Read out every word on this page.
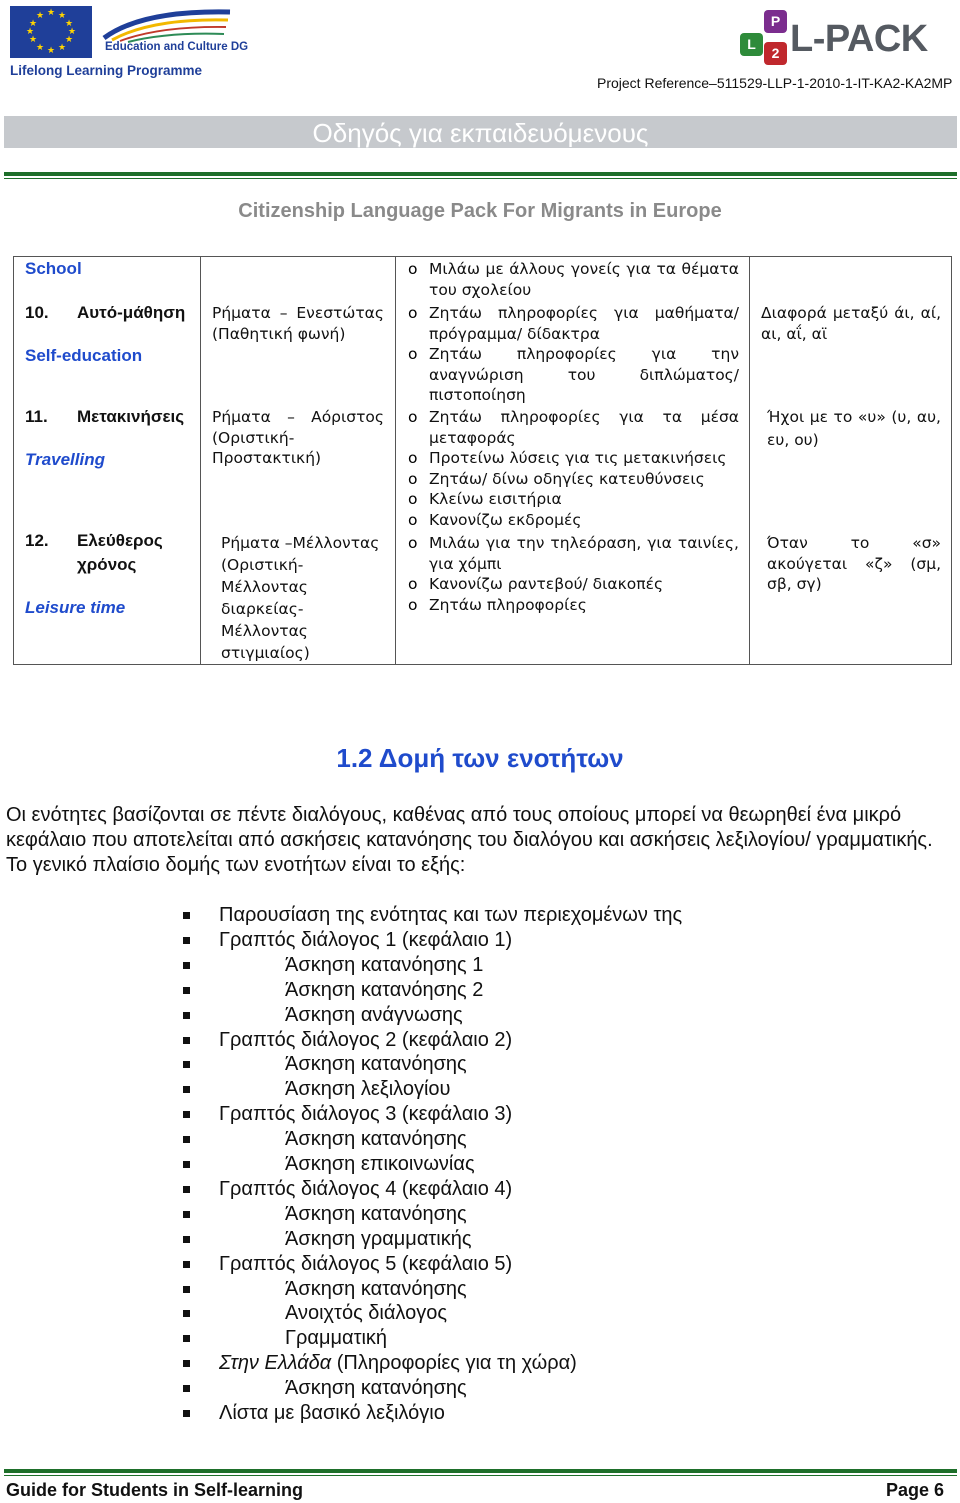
★ ★
★
★
★
★
★
★
★
★
★
★
Education and Culture DG
Lifelong Learning Programme
P
L
2 L-PACK
Project Reference–511529-LLP-1-2010-1-IT-KA2-KA2MP
Οδηγός για εκπαιδευόμενους
Citizenship Language Pack For Migrants in Europe
School
10. Αυτό-μάθηση
Self-education
11. Μετακινήσεις
Travelling
12. Ελεύθερος
χρόνος
Leisure time
Ρήματα – Ενεστώτας
(Παθητική φωνή)
Ρήματα – Αόριστος
(Οριστική-
Προστακτική)
Ρήματα –Μέλλοντας
(Οριστική-
Μέλλοντας
διαρκείας-
Μέλλοντας
στιγμιαίος)
o Μιλάω με άλλους γονείς για τα θέματα
του σχολείου
o Ζητάω πληροφορίες για μαθήματα/
πρόγραμμα/ δίδακτρα
o Ζητάω πληροφορίες για την
αναγνώριση του διπλώματος/
πιστοποίηση
o Ζητάω πληροφορίες για τα μέσα
μεταφοράς
o Προτείνω λύσεις για τις μετακινήσεις
o Ζητάω/ δίνω οδηγίες κατευθύνσεις
o Κλείνω εισιτήρια
o Κανονίζω εκδρομές
o Μιλάω για την τηλεόραση, για ταινίες,
για χόμπι
o Κανονίζω ραντεβού/ διακοπές
o Ζητάω πληροφορίες
Διαφορά μεταξύ άι, αί,
αι, αΐ, αϊ
Ήχοι με το «υ» (υ, αυ,
ευ, ου)
Όταν το «σ»
ακούγεται «ζ» (σμ,
σβ, σγ)
1.2 Δομή των ενοτήτων
Οι ενότητες βασίζονται σε πέντε διαλόγους, καθένας από τους οποίους μπορεί να θεωρηθεί ένα μικρό κεφάλαιο που αποτελείται από ασκήσεις κατανόησης του διαλόγου και ασκήσεις λεξιλογίου/ γραμματικής. Το γενικό πλαίσιο δομής των ενοτήτων είναι το εξής:
Παρουσίαση της ενότητας και των περιεχομένων της
Γραπτός διάλογος 1 (κεφάλαιο 1)
Άσκηση κατανόησης 1
Άσκηση κατανόησης 2
Άσκηση ανάγνωσης
Γραπτός διάλογος 2 (κεφάλαιο 2)
Άσκηση κατανόησης
Άσκηση λεξιλογίου
Γραπτός διάλογος 3 (κεφάλαιο 3)
Άσκηση κατανόησης
Άσκηση επικοινωνίας
Γραπτός διάλογος 4 (κεφάλαιο 4)
Άσκηση κατανόησης
Άσκηση γραμματικής
Γραπτός διάλογος 5 (κεφάλαιο 5)
Άσκηση κατανόησης
Ανοιχτός διάλογος
Γραμματική
Στην Ελλάδα (Πληροφορίες για τη χώρα)
Άσκηση κατανόησης
Λίστα με βασικό λεξιλόγιο
Guide for Students in Self-learning	Page 6
